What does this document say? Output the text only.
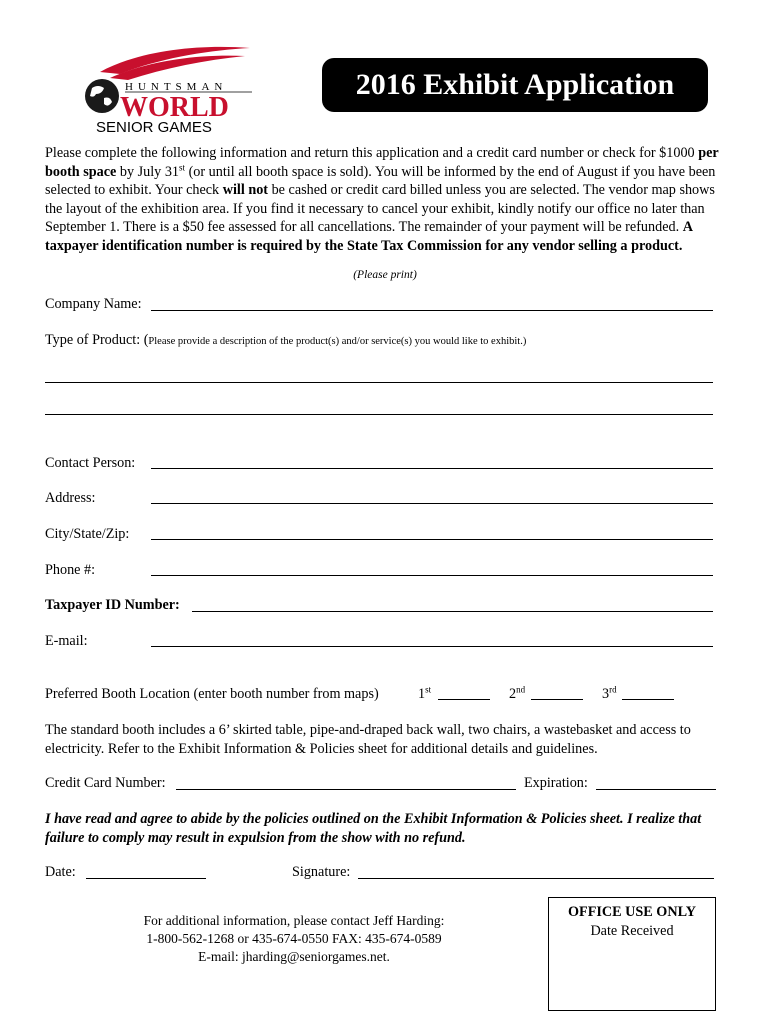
HUNTSMAN
WORLD
SENIOR GAMES
2016 Exhibit Application
Please complete the following information and return this application and a credit card number or check for $1000 per booth space by July 31st (or until all booth space is sold). You will be informed by the end of August if you have been selected to exhibit. Your check will not be cashed or credit card billed unless you are selected. The vendor map shows the layout of the exhibition area. If you find it necessary to cancel your exhibit, kindly notify our office no later than September 1. There is a $50 fee assessed for all cancellations. The remainder of your payment will be refunded. A taxpayer identification number is required by the State Tax Commission for any vendor selling a product.
(Please print)
Company Name:
Type of Product: (Please provide a description of the product(s) and/or service(s) you would like to exhibit.)
Contact Person:
Address:
City/State/Zip:
Phone #:
Taxpayer ID Number:
E-mail:
Preferred Booth Location (enter booth number from maps)	1st	2nd	3rd
The standard booth includes a 6’ skirted table, pipe-and-draped back wall, two chairs, a wastebasket and access to electricity. Refer to the Exhibit Information & Policies sheet for additional details and guidelines.
Credit Card Number:	Expiration:
I have read and agree to abide by the policies outlined on the Exhibit Information & Policies sheet. I realize that failure to comply may result in expulsion from the show with no refund.
Date:	Signature:
For additional information, please contact Jeff Harding:
1-800-562-1268 or 435-674-0550 FAX: 435-674-0589
E-mail: jharding@seniorgames.net.
OFFICE USE ONLY
Date Received
